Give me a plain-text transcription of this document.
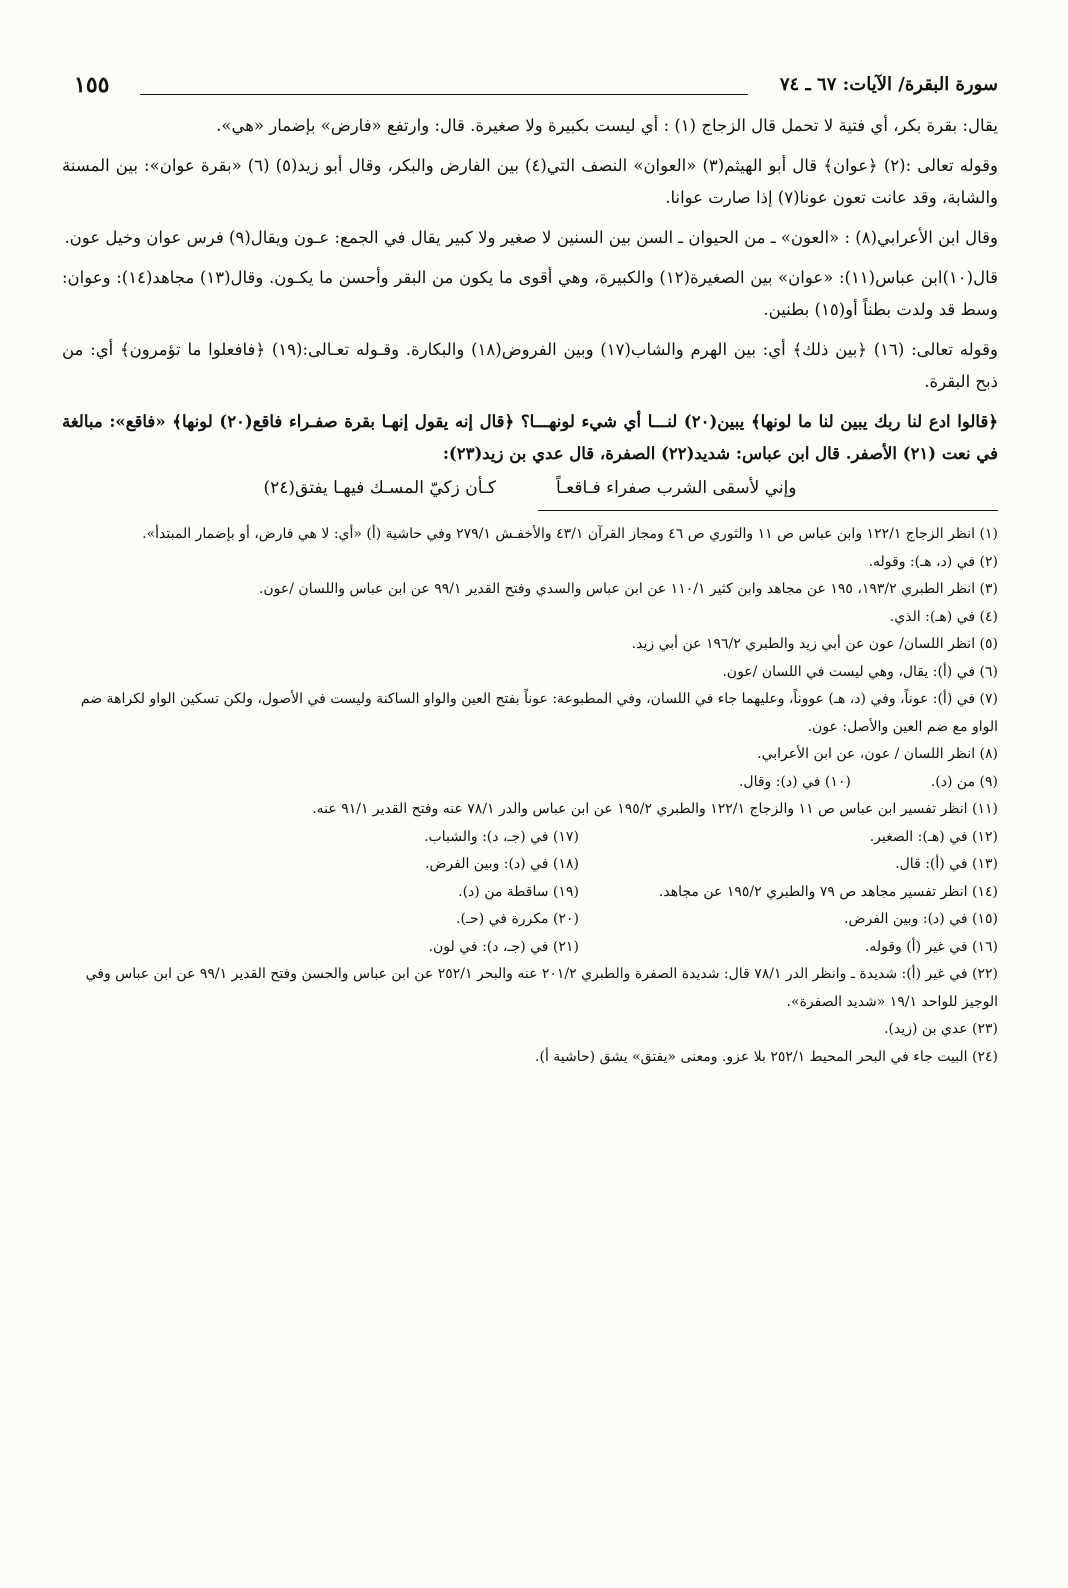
سورة البقرة/ الآيات: ٦٧ ـ ٧٤
١٥٥

يقال: بقرة بكر، أي فتية لا تحمل قال الزجاج (١) : أي ليست بكبيرة ولا صغيرة. قال: وارتفع «فارض» بإضمار «هي».

وقوله تعالى :(٢) ﴿عوان﴾ قال أبو الهيثم(٣) «العوان» النصف التي(٤) بين الفارض والبكر، وقال أبو زيد(٥) (٦) «بقرة عوان»: بين المسنة والشابة، وقد عانت تعون عونا(٧) إذا صارت عوانا.

وقال ابن الأعرابي(٨) : «العون» ـ من الحيوان ـ السن بين السنين لا صغير ولا كبير يقال في الجمع: عـون ويقال(٩) فرس عوان وخيل عون.

قال(١٠)ابن عباس(١١): «عوان» بين الصغيرة(١٢) والكبيرة، وهي أقوى ما يكون من البقر وأحسن ما يكـون. وقال(١٣) مجاهد(١٤): وعوان: وسط قد ولدت بطناً أو(١٥) بطنين.

وقوله تعالى: (١٦) ﴿بين ذلك﴾ أي: بين الهرم والشاب(١٧) وبين الفروض(١٨) والبكارة. وقـوله تعـالى:(١٩) ﴿فافعلوا ما تؤمرون﴾ أي: من ذبح البقرة.

﴿قالوا ادع لنا ربك يبين لنا ما لونها﴾ يبين(٢٠) لنـــا أي شيء لونهـــا؟ ﴿قال إنه يقول إنهـا بقرة صفـراء فاقع(٢٠) لونها﴾ «فاقع»: مبالغة في نعت (٢١) الأصفر. قال ابن عباس: شديد(٢٢) الصفرة، قال عدي بن زيد(٢٣):

وإني لأسقى الشرب صفراء فـاقعـاً
كـأن زكيّ المسـك فيهـا يفتق(٢٤)

(١) انظر الزجاج ١٢٢/١ وابن عباس ص ١١ والثوري ص ٤٦ ومجاز القرآن ٤٣/١ والأخفـش ٢٧٩/١ وفي حاشية (أ) «أي: لا هي فارض، أو بإضمار المبتدأ».

(٢) في (د، هـ): وقوله.

(٣) انظر الطبري ١٩٣/٢، ١٩٥ عن مجاهد وابن كثير ١١٠/١ عن ابن عباس والسدي وفتح القدير ٩٩/١ عن ابن عباس واللسان /عون.

(٤) في (هـ): الذي.

(٥) انظر اللسان/ عون عن أبي زيد والطبري ١٩٦/٢ عن أبي زيد.

(٦) في (أ): يقال، وهي ليست في اللسان /عون.

(٧) في (أ): عوناً، وفي (د، هـ) عووناً، وعليهما جاء في اللسان، وفي المطبوعة: عوناً بفتح العين والواو الساكنة وليست في الأصول، ولكن تسكين الواو لكراهة ضم الواو مع ضم العين والأصل: عون.

(٨) انظر اللسان / عون، عن ابن الأعرابي.

(٩) من (د).

(١٠) في (د): وقال.

(١١) انظر تفسير ابن عباس ص ١١ والزجاج ١٢٢/١ والطبري ١٩٥/٢ عن ابن عباس والدر ٧٨/١ عنه وفتح القدير ٩١/١ عنه.

(١٢) في (هـ): الصغير.

(١٣) في (أ): قال.

(١٤) انظر تفسير مجاهد ص ٧٩ والطبري ١٩٥/٢ عن مجاهد.

(١٥) في (د): وبين الفرض.

(١٦) في غير (أ) وقوله.

(١٧) في (جـ، د): والشباب.

(١٨) في (د): وبين الفرض.

(١٩) ساقطة من (د).

(٢٠) مكررة في (حـ).

(٢١) في (جـ، د): في لون.

(٢٢) في غير (أ): شديدة ـ وانظر الدر ٧٨/١ قال: شديدة الصفرة والطبري ٢٠١/٢ عنه والبحر ٢٥٢/١ عن ابن عباس والحسن وفتح القدير ٩٩/١ عن ابن عباس وفي الوجيز للواحد ١٩/١ «شديد الصفرة».

(٢٣) عدي بن (زيد).

(٢٤) البيت جاء في البحر المحيط ٢٥٢/١ بلا عزو. ومعنى «يفتق» يشق (حاشية أ).
